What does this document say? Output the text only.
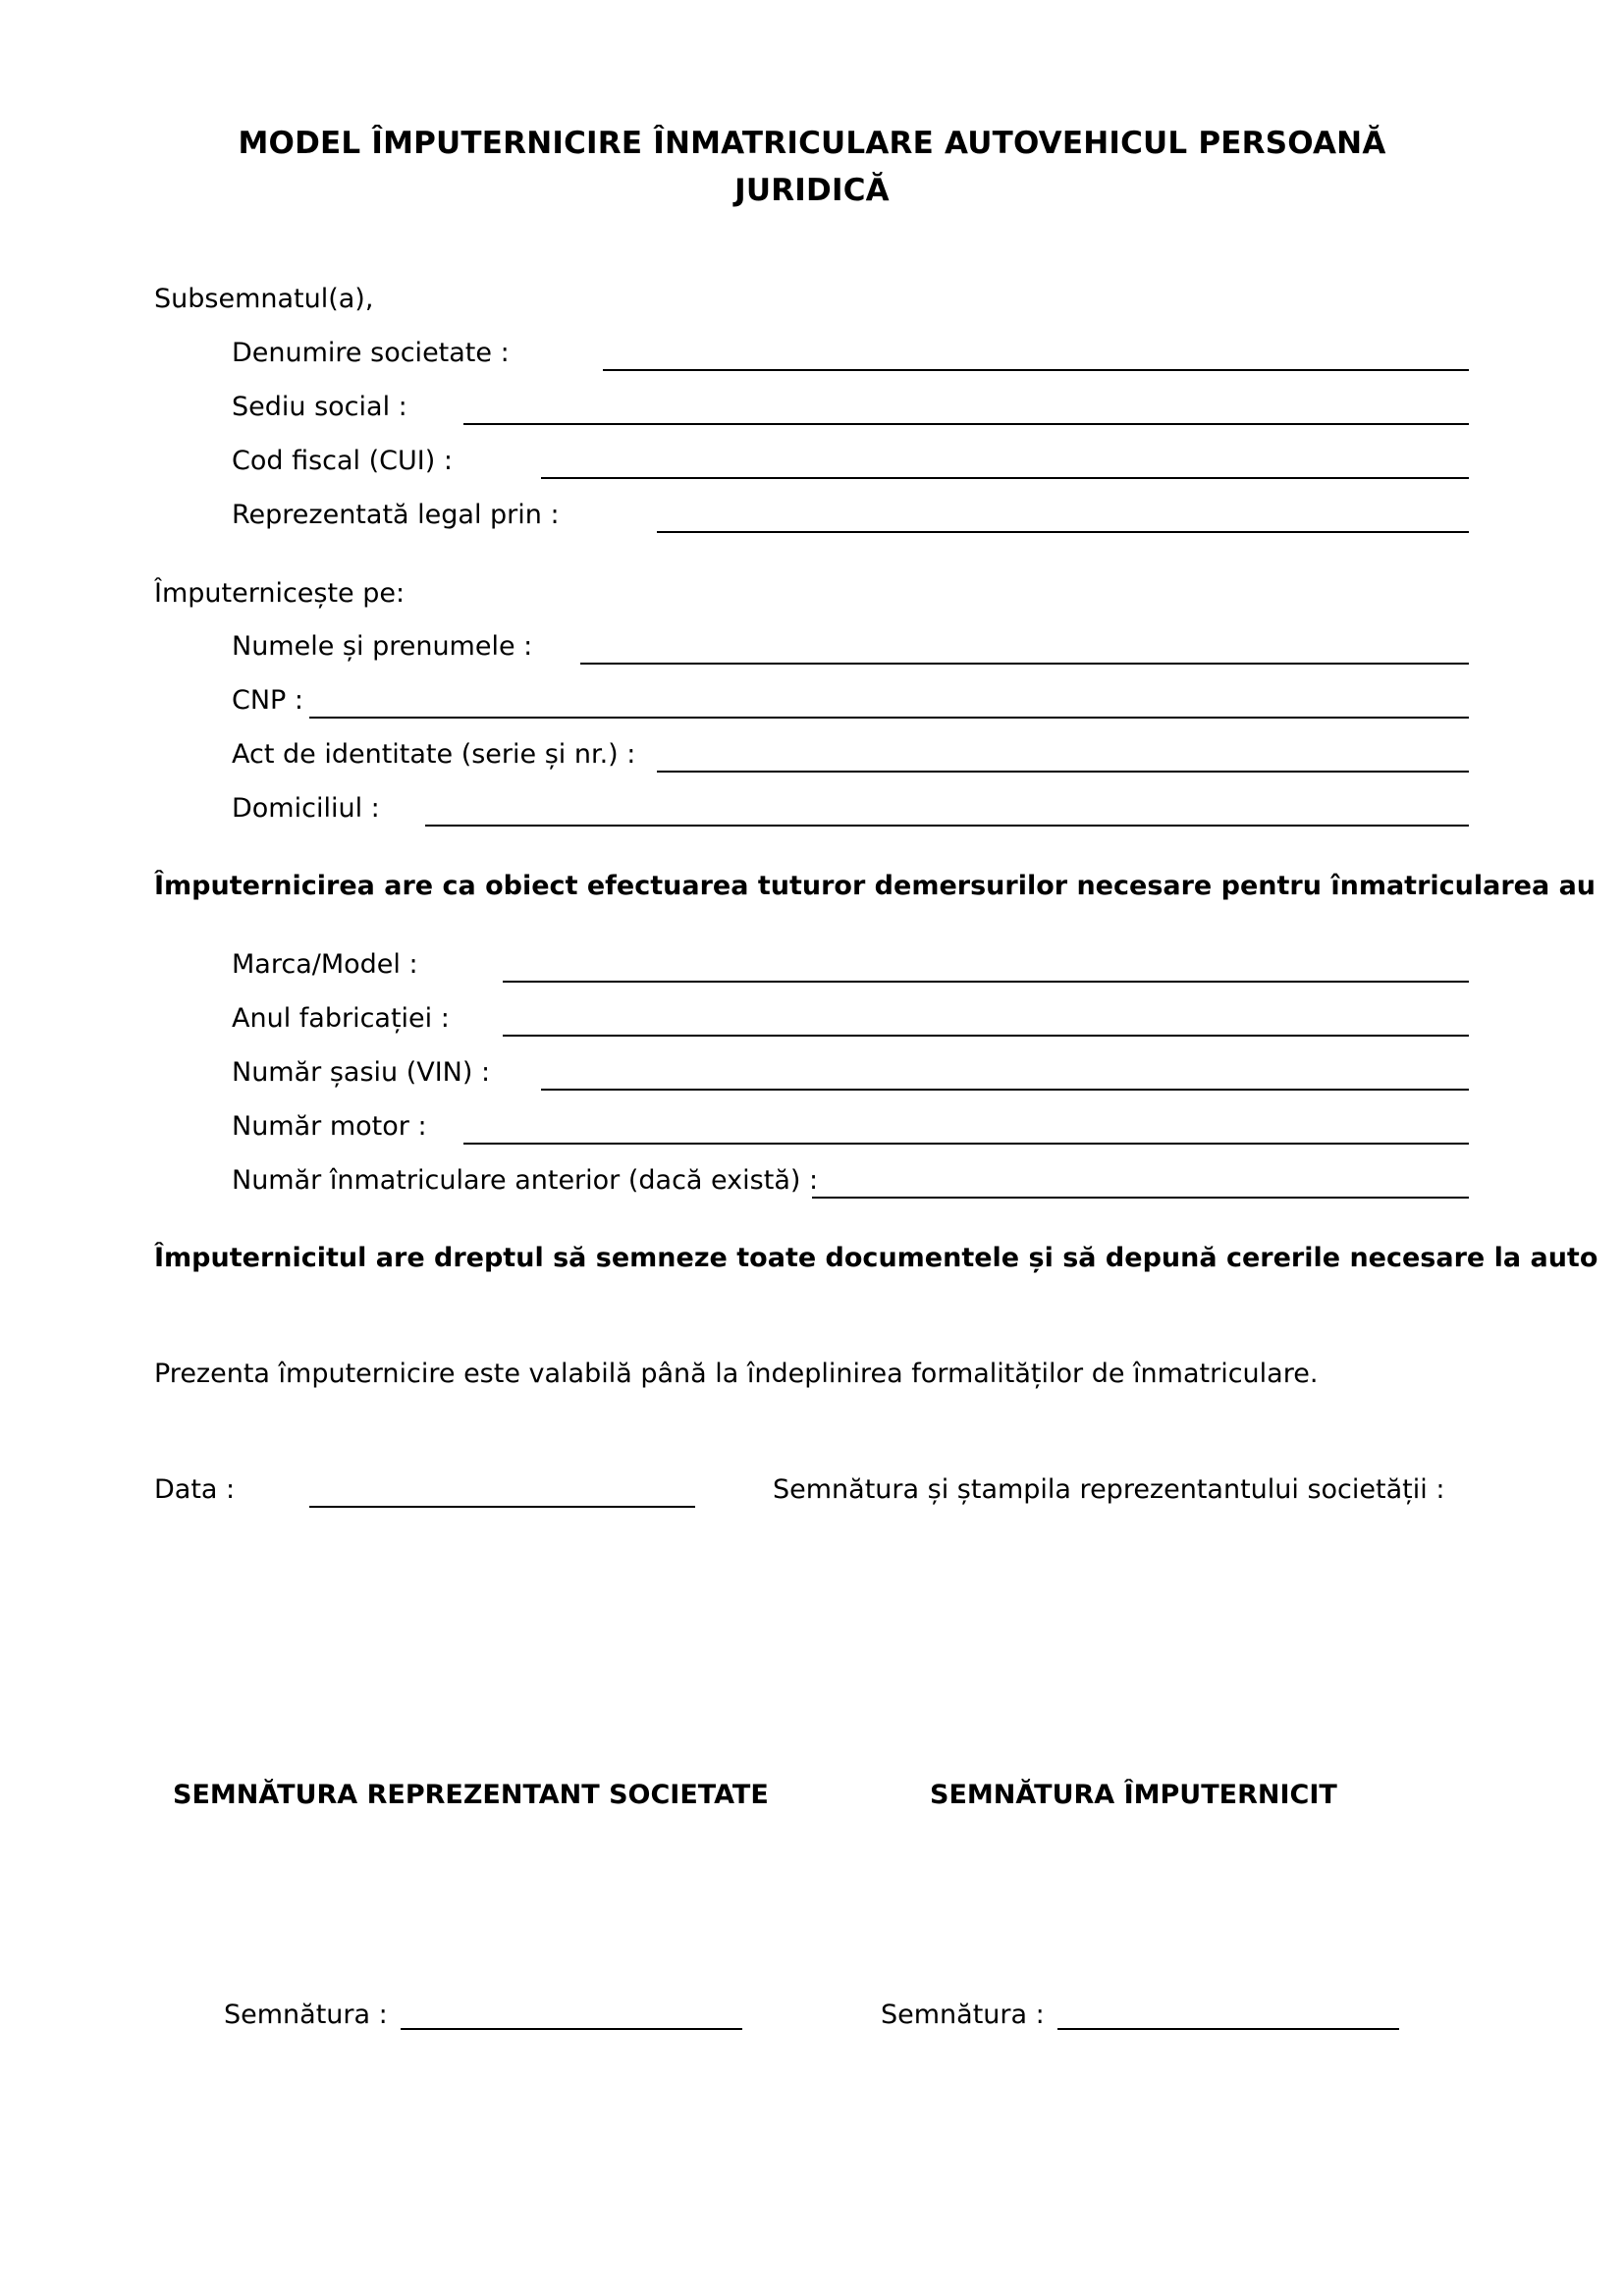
MODEL ÎMPUTERNICIRE ÎNMATRICULARE AUTOVEHICUL PERSOANĂ
JURIDICĂ
Subsemnatul(a),
Denumire societate :
Sediu social :
Cod fiscal (CUI) :
Reprezentată legal prin :
Împuternicește pe:
Numele și prenumele :
CNP :
Act de identitate (serie și nr.) :
Domiciliul :
Împuternicirea are ca obiect efectuarea tuturor demersurilor necesare pentru înmatricularea au
Marca/Model :
Anul fabricației :
Număr șasiu (VIN) :
Număr motor :
Număr înmatriculare anterior (dacă există) :
Împuternicitul are dreptul să semneze toate documentele și să depună cererile necesare la auto
Prezenta împuternicire este valabilă până la îndeplinirea formalităților de înmatriculare.
Data :	Semnătura și ștampila reprezentantului societății :
SEMNĂTURA REPREZENTANT SOCIETATE	SEMNĂTURA ÎMPUTERNICIT
Semnătura :	Semnătura :
